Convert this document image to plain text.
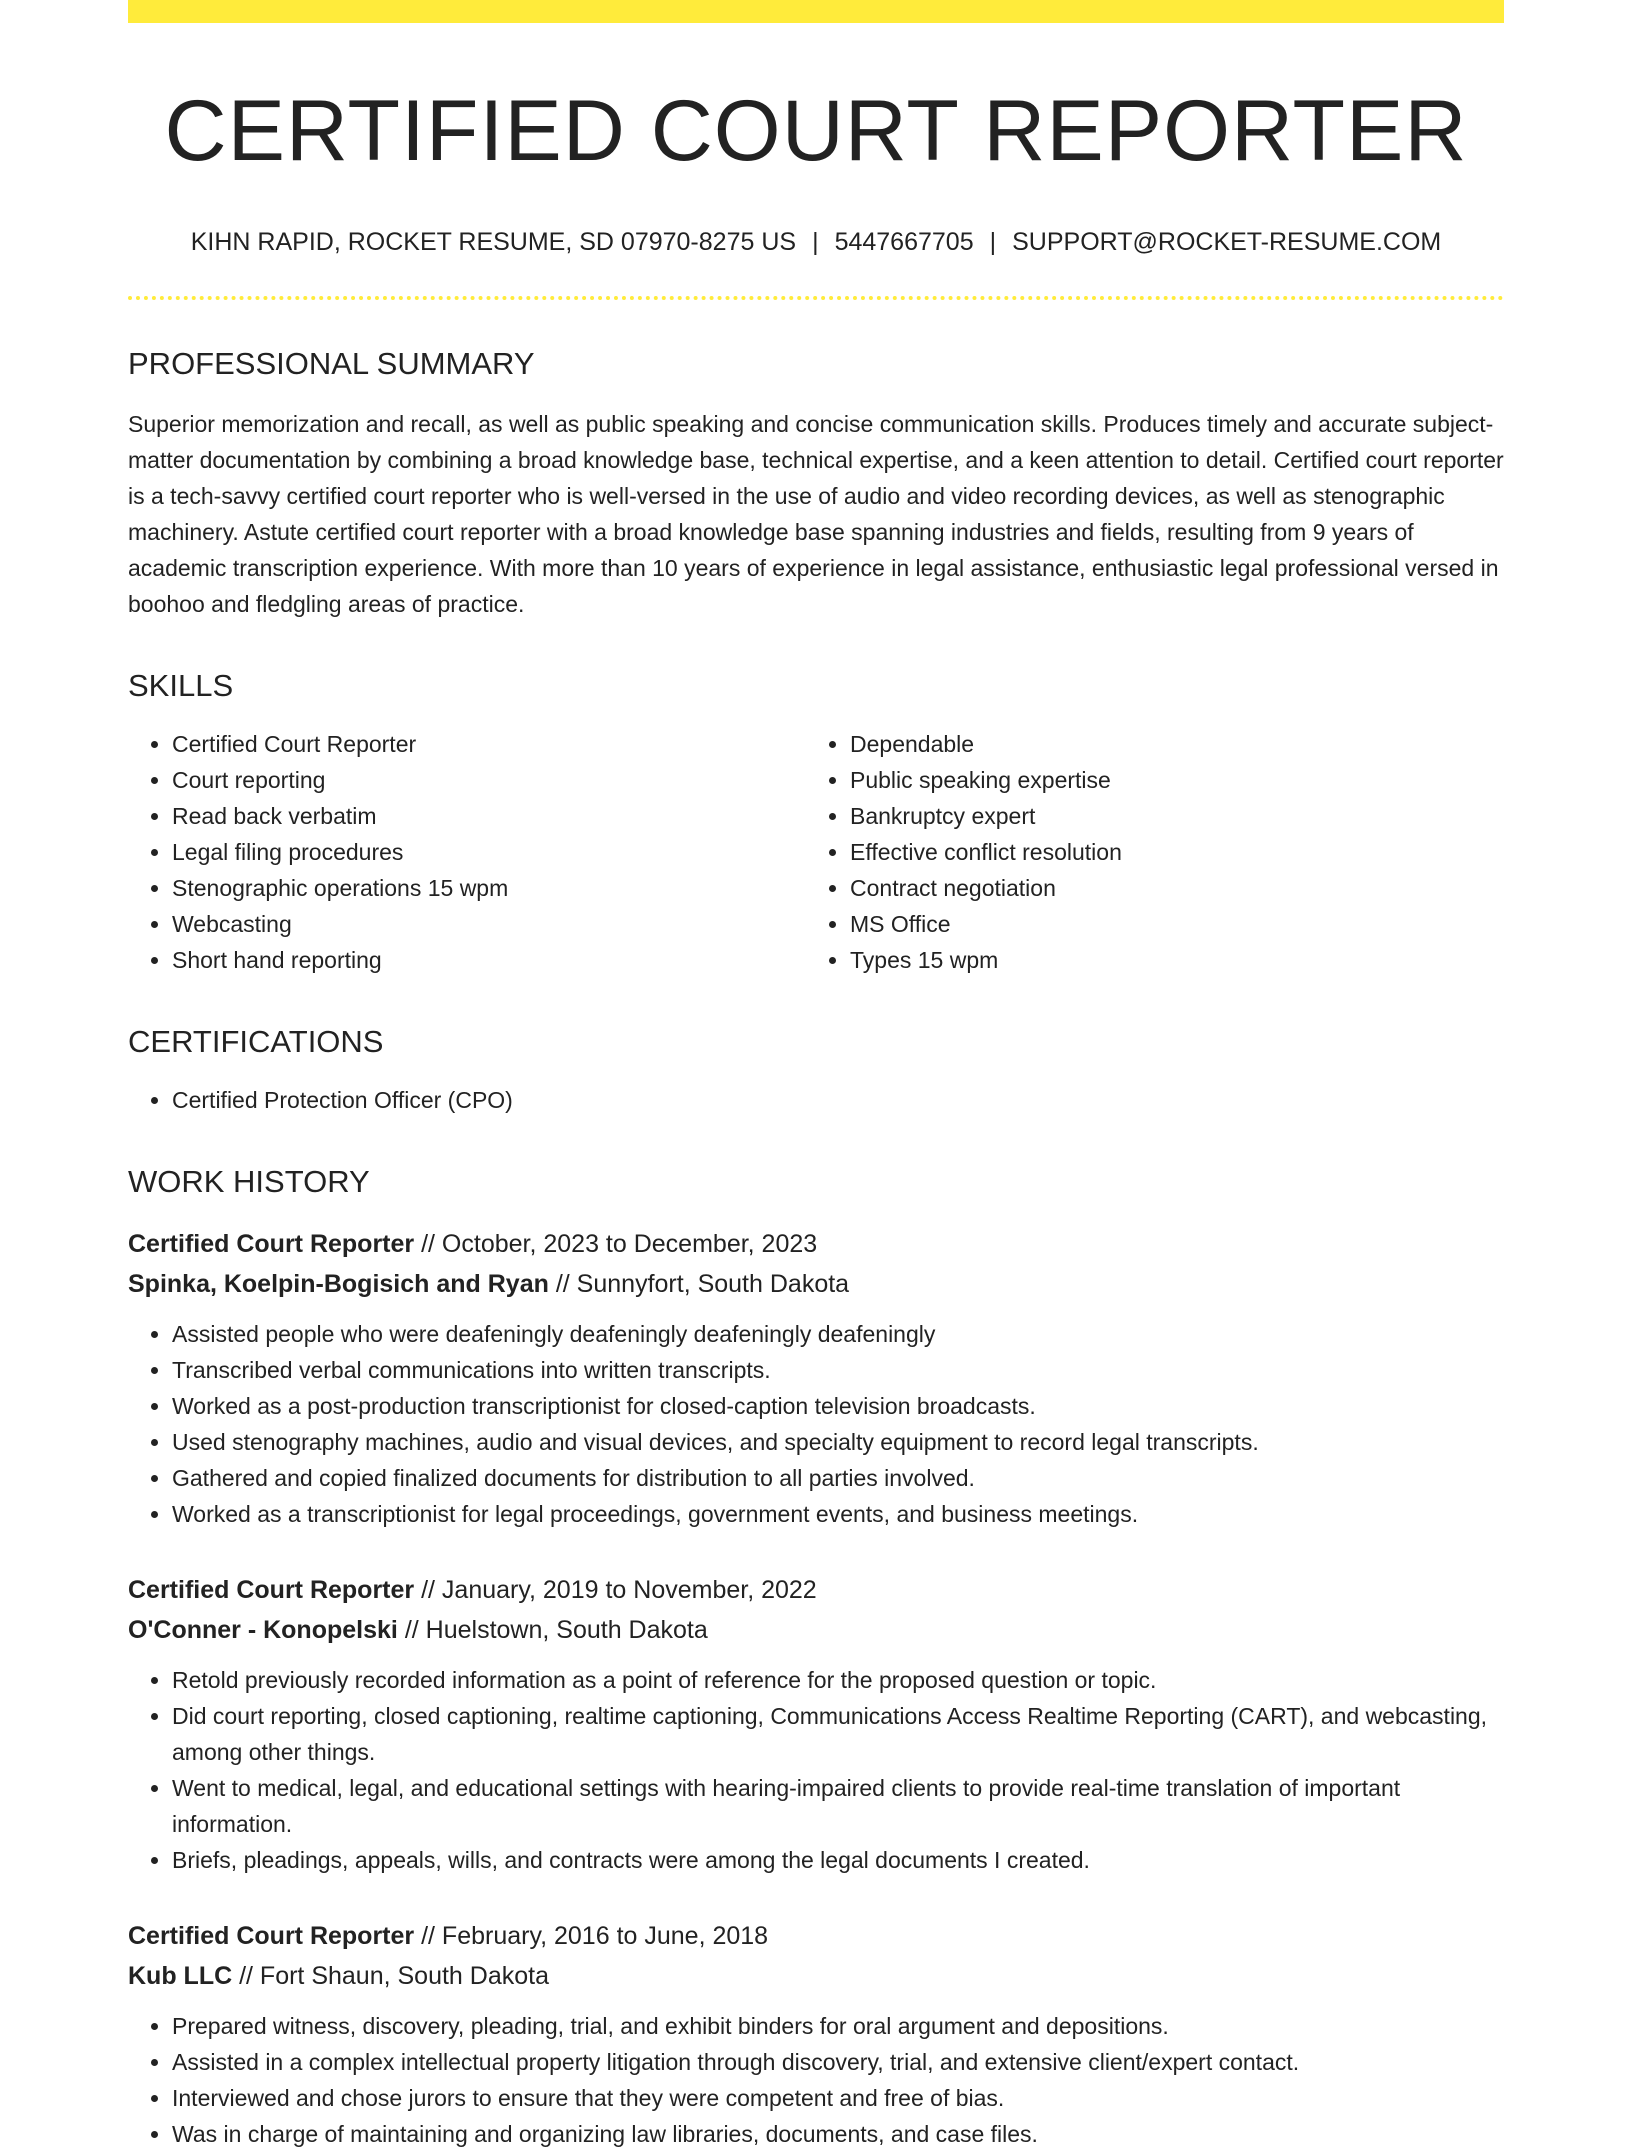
CERTIFIED COURT REPORTER
KIHN RAPID, ROCKET RESUME, SD 07970-8275 US | 5447667705 | SUPPORT@ROCKET-RESUME.COM
PROFESSIONAL SUMMARY

Superior memorization and recall, as well as public speaking and concise communication skills. Produces timely and accurate subject-matter documentation by combining a broad knowledge base, technical expertise, and a keen attention to detail. Certified court reporter is a tech-savvy certified court reporter who is well-versed in the use of audio and video recording devices, as well as stenographic machinery. Astute certified court reporter with a broad knowledge base spanning industries and fields, resulting from 9 years of academic transcription experience. With more than 10 years of experience in legal assistance, enthusiastic legal professional versed in boohoo and fledgling areas of practice.

SKILLS
• Certified Court Reporter
• Court reporting
• Read back verbatim
• Legal filing procedures
• Stenographic operations 15 wpm
• Webcasting
• Short hand reporting
• Dependable
• Public speaking expertise
• Bankruptcy expert
• Effective conflict resolution
• Contract negotiation
• MS Office
• Types 15 wpm
CERTIFICATIONS
• Certified Protection Officer (CPO)
WORK HISTORY
Certified Court Reporter // October, 2023 to December, 2023
Spinka, Koelpin-Bogisich and Ryan // Sunnyfort, South Dakota
• Assisted people who were deafeningly deafeningly deafeningly deafeningly
• Transcribed verbal communications into written transcripts.
• Worked as a post-production transcriptionist for closed-caption television broadcasts.
• Used stenography machines, audio and visual devices, and specialty equipment to record legal transcripts.
• Gathered and copied finalized documents for distribution to all parties involved.
• Worked as a transcriptionist for legal proceedings, government events, and business meetings.
Certified Court Reporter // January, 2019 to November, 2022
O'Conner - Konopelski // Huelstown, South Dakota
• Retold previously recorded information as a point of reference for the proposed question or topic.
• Did court reporting, closed captioning, realtime captioning, Communications Access Realtime Reporting (CART), and webcasting, among other things.
• Went to medical, legal, and educational settings with hearing-impaired clients to provide real-time translation of important information.
• Briefs, pleadings, appeals, wills, and contracts were among the legal documents I created.
Certified Court Reporter // February, 2016 to June, 2018
Kub LLC // Fort Shaun, South Dakota
• Prepared witness, discovery, pleading, trial, and exhibit binders for oral argument and depositions.
• Assisted in a complex intellectual property litigation through discovery, trial, and extensive client/expert contact.
• Interviewed and chose jurors to ensure that they were competent and free of bias.
• Was in charge of maintaining and organizing law libraries, documents, and case files.
